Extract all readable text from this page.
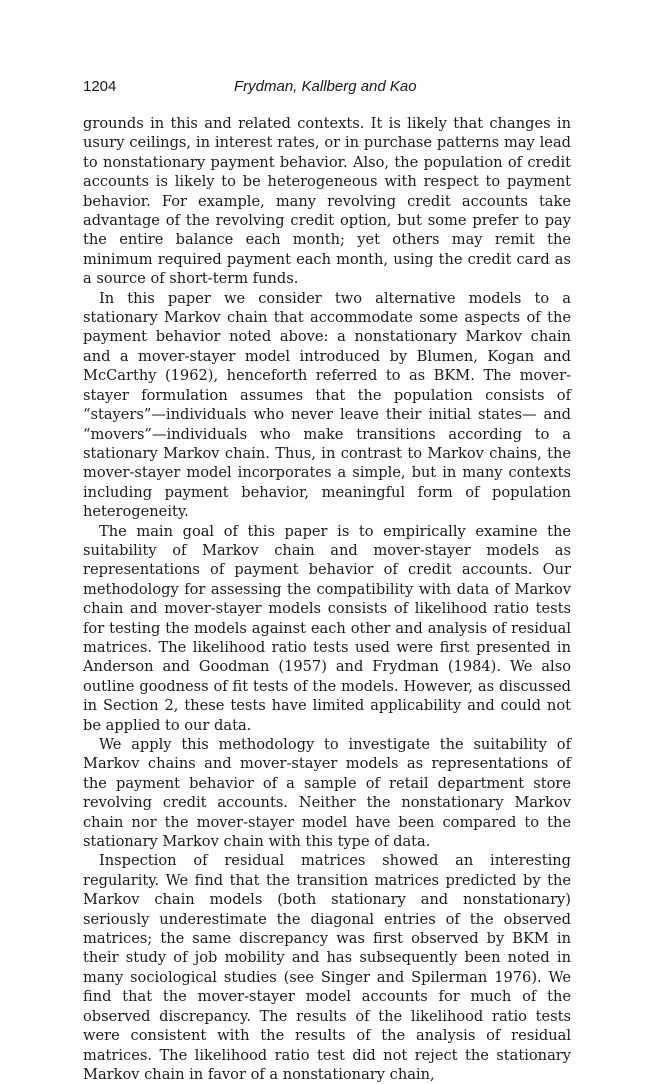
1204	Frydman, Kallberg and Kao

grounds in this and related contexts. It is likely that changes in usury ceilings, in interest rates, or in purchase patterns may lead to nonstationary payment behavior. Also, the population of credit accounts is likely to be heterogeneous with respect to payment behavior. For example, many revolving credit accounts take advantage of the revolving credit option, but some prefer to pay the entire balance each month; yet others may remit the minimum required payment each month, using the credit card as a source of short-term funds.

In this paper we consider two alternative models to a stationary Markov chain that accommodate some aspects of the payment behavior noted above: a nonstationary Markov chain and a mover-stayer model introduced by Blumen, Kogan and McCarthy (1962), henceforth referred to as BKM. The mover-stayer formulation assumes that the population consists of “stayers”—individuals who never leave their initial states— and “movers”—individuals who make transitions according to a stationary Markov chain. Thus, in contrast to Markov chains, the mover-stayer model incorporates a simple, but in many contexts including payment behavior, meaningful form of population heterogeneity.

The main goal of this paper is to empirically examine the suitability of Markov chain and mover-stayer models as representations of payment behavior of credit accounts. Our methodology for assessing the compatibility with data of Markov chain and mover-stayer models consists of likelihood ratio tests for testing the models against each other and analysis of residual matrices. The likelihood ratio tests used were first presented in Anderson and Goodman (1957) and Frydman (1984). We also outline goodness of fit tests of the models. However, as discussed in Section 2, these tests have limited applicability and could not be applied to our data.

We apply this methodology to investigate the suitability of Markov chains and mover-stayer models as representations of the payment behavior of a sample of retail department store revolving credit accounts. Neither the nonstationary Markov chain nor the mover-stayer model have been compared to the stationary Markov chain with this type of data.

Inspection of residual matrices showed an interesting regularity. We find that the transition matrices predicted by the Markov chain models (both stationary and nonstationary) seriously underestimate the diagonal entries of the observed matrices; the same discrepancy was first observed by BKM in their study of job mobility and has subsequently been noted in many sociological studies (see Singer and Spilerman 1976). We find that the mover-stayer model accounts for much of the observed discrepancy. The results of the likelihood ratio tests were consistent with the results of the analysis of residual matrices. The likelihood ratio test did not reject the stationary Markov chain in favor of a nonstationary chain,
